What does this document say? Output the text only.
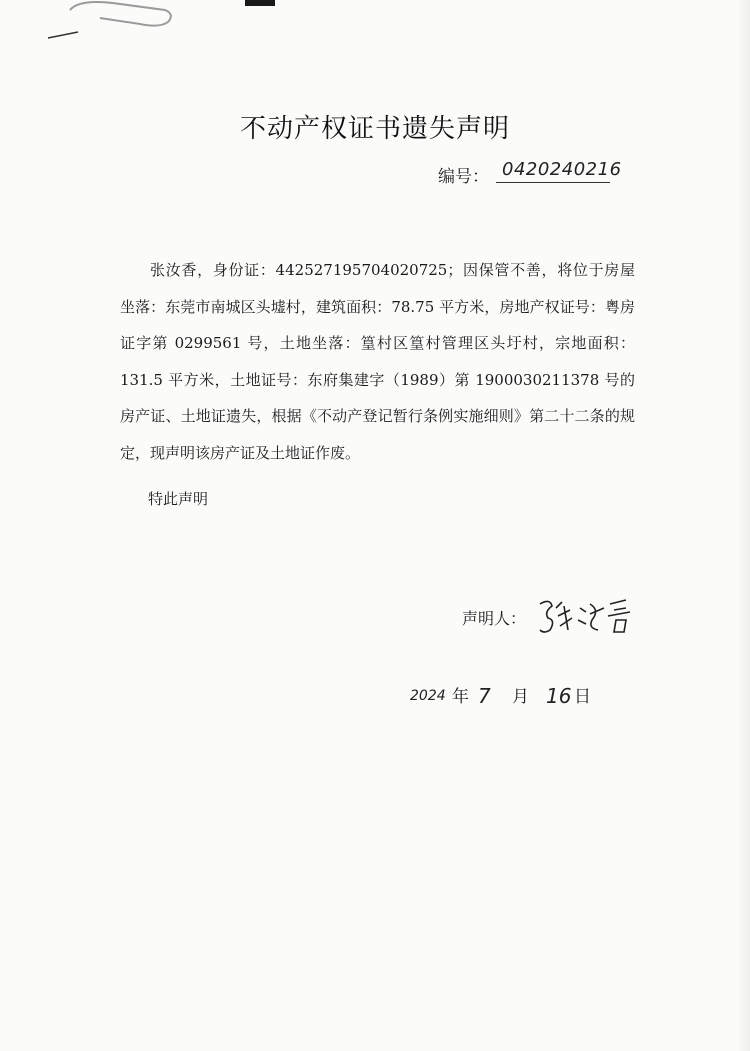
不动产权证书遗失声明
编号： 0420240216
张汝香，身份证：442527195704020725；因保管不善，将位于房屋坐落：东莞市南城区头墟村，建筑面积：78.75 平方米，房地产权证号：粤房证字第 0299561 号，土地坐落：篁村区篁村管理区头圩村，宗地面积：131.5 平方米，土地证号：东府集建字（1989）第 1900030211378 号的房产证、土地证遗失，根据《不动产登记暂行条例实施细则》第二十二条的规定，现声明该房产证及土地证作废。
特此声明
声明人：
2024 年 7 月 16 日
